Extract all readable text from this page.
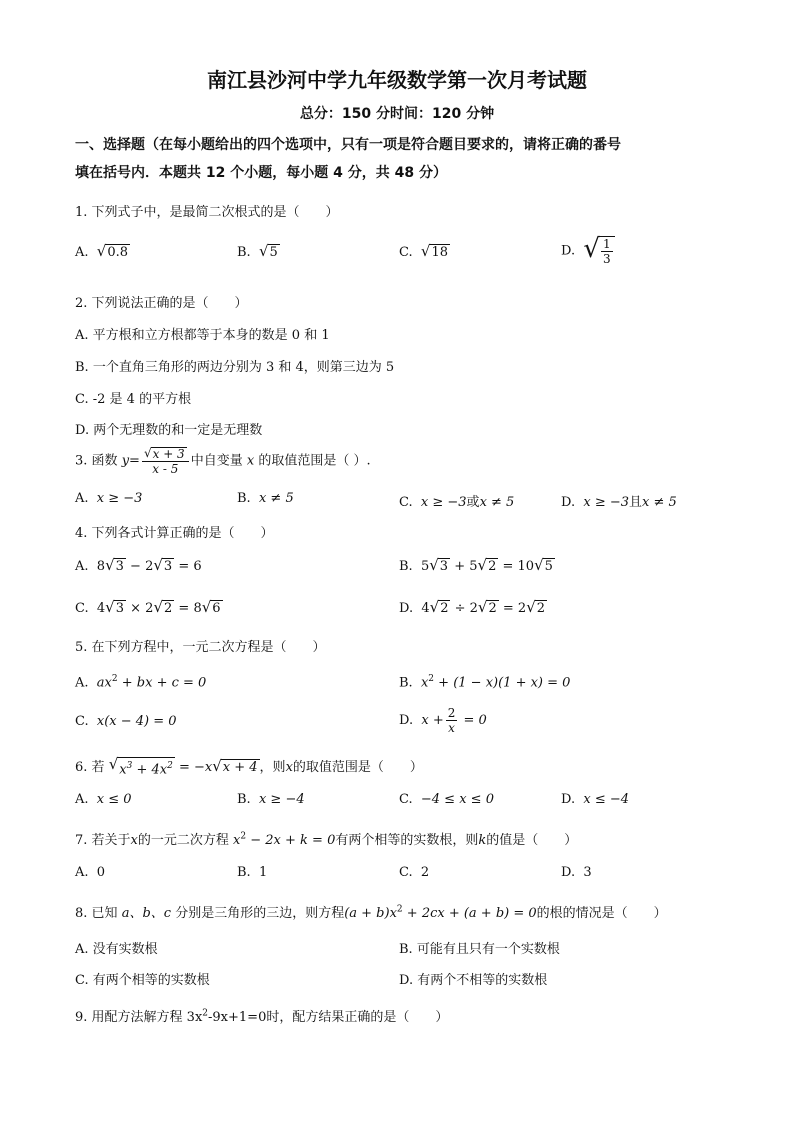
南江县沙河中学九年级数学第一次月考试题
总分：150 分时间：120 分钟
一、选择题（在每小题给出的四个选项中，只有一项是符合题目要求的，请将正确的番号
填在括号内．本题共 12 个小题，每小题 4 分，共 48 分）
1. 下列式子中，是最简二次根式的是（　　）
A. √ 0.8	B. √ 5	C. √ 18	D. √ $\frac{1}{3}$
2. 下列说法正确的是（　　）
A. 平方根和立方根都等于本身的数是 0 和 1
B. 一个直角三角形的两边分别为 3 和 4，则第三边为 5
C. -2 是 4 的平方根
D. 两个无理数的和一定是无理数
3. 函数 $y= \frac{√ x + 3}{x - 5}$ 中自变量 x 的取值范围是（ ）.
A. x ≥ −3	B. x ≠ 5	C. x ≥ −3或x ≠ 5	D. x ≥ −3且x ≠ 5
4. 下列各式计算正确的是（　　）
A. 8 √ 3 − 2 √ 3 = 6	B. 5 √ 3 + 5 √ 2 = 10 √ 5
C. 4 √ 3 × 2 √ 2 = 8 √ 6	D. 4 √ 2 ÷ 2 √ 2 = 2 √ 2
5. 在下列方程中，一元二次方程是（　　）
A. $ax^2$ + bx + c = 0	B. $x^2 + (1 - x)(1 + x) = 0$
C. x(x − 4) = 0	D. $x + \frac{2}{x} = 0$
6. 若 √ $x^3 + 4x^2 = -x$ √ x + 4 ，则x的取值范围是（　　）
A. x ≤ 0	B. x ≥ −4	C. −4 ≤ x ≤ 0	D. x ≤ −4
7. 若关于x的一元二次方程 $x^2 - 2x + k = 0$有两个相等的实数根，则k的值是（　　）
A. 0	B. 1	C. 2	D. 3
8. 已知 a、b、c 分别是三角形的三边，则方程$(a + b)x^2 + 2cx + (a + b) = 0$的根的情况是（　　）
A. 没有实数根	B. 可能有且只有一个实数根
C. 有两个相等的实数根	D. 有两个不相等的实数根
9. 用配方法解方程 $3x^2-9x+1=0$时，配方结果正确的是（　　）
